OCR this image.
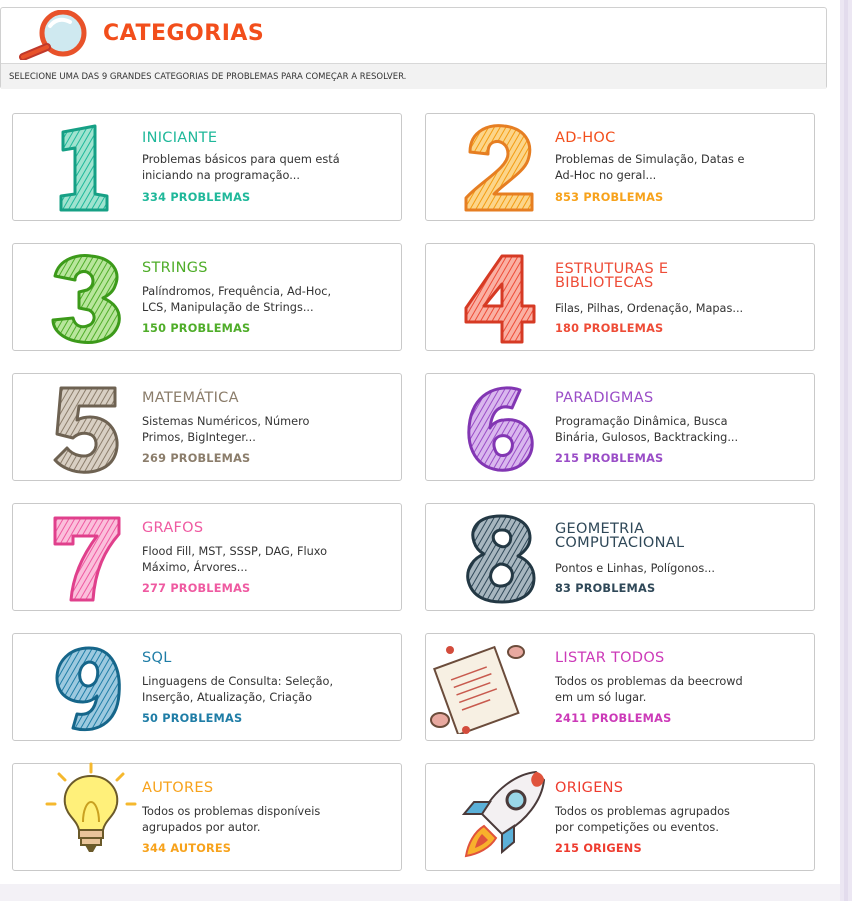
CATEGORIAS
SELECIONE UMA DAS 9 GRANDES CATEGORIAS DE PROBLEMAS PARA COMEÇAR A RESOLVER.
INICIANTE
Problemas básicos para quem está
iniciando na programação...
334 PROBLEMAS
AD-HOC
Problemas de Simulação, Datas e
Ad-Hoc no geral...
853 PROBLEMAS
STRINGS
Palíndromos, Frequência, Ad-Hoc,
LCS, Manipulação de Strings...
150 PROBLEMAS
ESTRUTURAS E
BIBLIOTECAS
Filas, Pilhas, Ordenação, Mapas...
180 PROBLEMAS
MATEMÁTICA
Sistemas Numéricos, Número
Primos, BigInteger...
269 PROBLEMAS
PARADIGMAS
Programação Dinâmica, Busca
Binária, Gulosos, Backtracking...
215 PROBLEMAS
GRAFOS
Flood Fill, MST, SSSP, DAG, Fluxo
Máximo, Árvores...
277 PROBLEMAS
GEOMETRIA
COMPUTACIONAL
Pontos e Linhas, Polígonos...
83 PROBLEMAS
SQL
Linguagens de Consulta: Seleção,
Inserção, Atualização, Criação
50 PROBLEMAS
LISTAR TODOS
Todos os problemas da beecrowd
em um só lugar.
2411 PROBLEMAS
AUTORES
Todos os problemas disponíveis
agrupados por autor.
344 AUTORES
ORIGENS
Todos os problemas agrupados
por competições ou eventos.
215 ORIGENS
